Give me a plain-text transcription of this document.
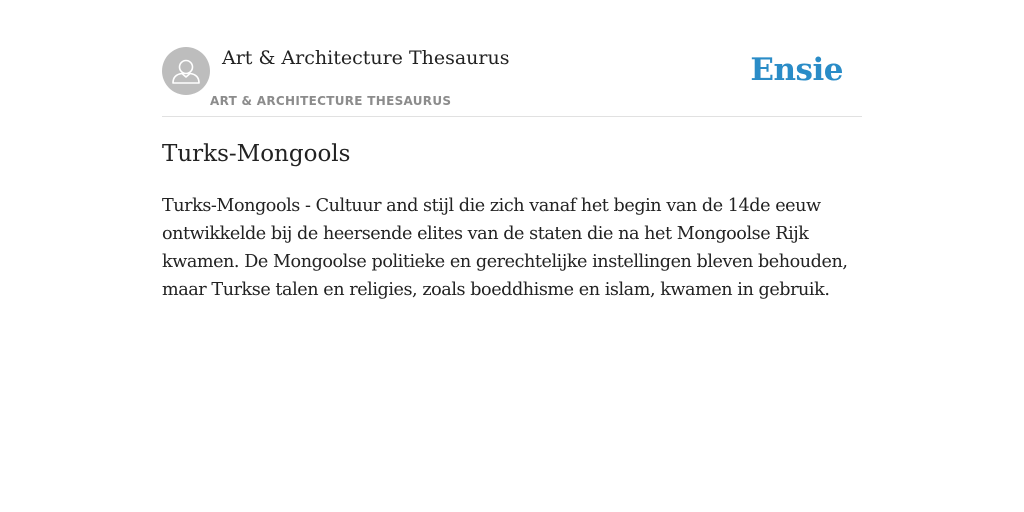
Art & Architecture Thesaurus
ART & ARCHITECTURE THESAURUS
Ensie
Turks-Mongools

Turks-Mongools - Cultuur and stijl die zich vanaf het begin van de 14de eeuw ontwikkelde bij de heersende elites van de staten die na het Mongoolse Rijk kwamen. De Mongoolse politieke en gerechtelijke instellingen bleven behouden, maar Turkse talen en religies, zoals boeddhisme en islam, kwamen in gebruik.
